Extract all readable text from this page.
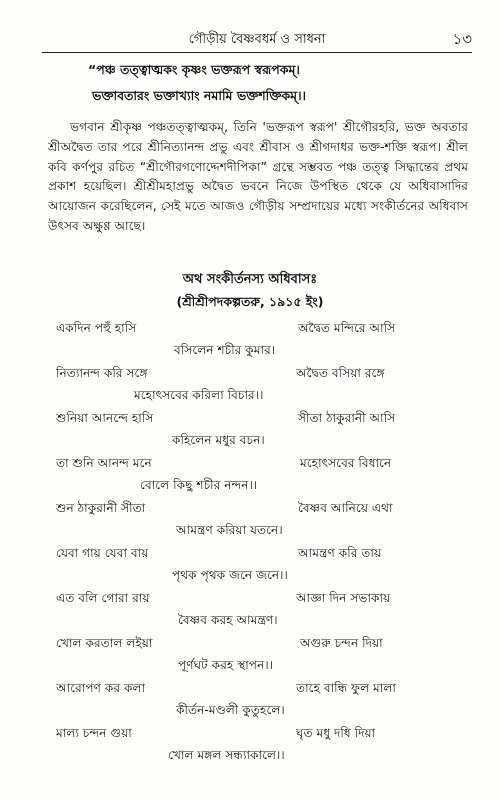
গৌড়ীয় বৈষ্ণবধর্ম ও সাধনা	১৩
“পঞ্চ তত্ত্বাত্মকং কৃষ্ণং ভক্তরূপ স্বরূপকম্।
ভক্তাবতারং ভক্তাখ্যাং নমামি ভক্তশক্তিকম্।।

ভগবান শ্রীকৃষ্ণ পঞ্চতত্ত্বাত্মকম্, তিনি 'ভক্তরূপ স্বরূপ' শ্রীগৌরহরি, ভক্ত অবতার শ্রীঅদ্বৈত তার পরে শ্রীনিত্যানন্দ প্রভু এবং শ্রীবাস ও শ্রীগদাধর ভক্ত-শক্তি স্বরূপ। শ্রীল কবি কর্ণপুর রচিত “শ্রীগৌরগণোদ্দেশদীপিকা” গ্রন্থে সম্ভবত পঞ্চ তত্ত্ব সিদ্ধান্তের প্রথম প্রকাশ হয়েছিল। শ্রীশ্রীমহাপ্রভু অদ্বৈত ভবনে নিজে উপস্থিত থেকে যে অধিবাসাদির আয়োজন করেছিলেন, সেই মতে আজও গৌড়ীয় সম্প্রদায়ের মধ্যে সংকীর্তনের অধিবাস উৎসব অক্ষুণ্ণ আছে।

অথ সংকীর্তনস্য অধিবাসঃ
(শ্রীশ্রীপদকল্পতরু, ১৯১৫ ইং)
একদিন পহুঁ হাসি	অদ্বৈত মন্দিরে আসি
বসিলেন শচীর কুমার।
নিত্যানন্দ করি সঙ্গে	অদ্বৈত বসিয়া রঙ্গে
মহোৎসবের করিলা বিচার।।
শুনিয়া আনন্দে হাসি	সীতা ঠাকুরানী আসি
কহিলেন মধুর বচন।
তা শুনি আনন্দ মনে	মহোৎসবের বিধানে
বোলে কিছু শচীর নন্দন।।
শুন ঠাকুরানী সীতা	বৈষ্ণব আনিয়ে এথা
আমন্ত্রণ করিয়া যতনে।
যেবা গায় যেবা বায়	আমন্ত্রণ করি তায়
পৃথক পৃথক জনে জনে।।
এত বলি গোরা রায়	আজ্ঞা দিন সভাকায়
বৈষ্ণব করহ আমন্ত্রণ।
খোল করতাল লইয়া	অগুরু চন্দন দিয়া
পূর্ণঘট করহ স্থাপন।।
আরোপণ কর কলা	তাহে বান্ধি ফুল মালা
কীর্তন-মণ্ডলী কুতুহলে।
মাল্য চন্দন গুয়া	ঘৃত মধু দধি দিয়া
খোল মঙ্গল সন্ধ্যাকালে।।
